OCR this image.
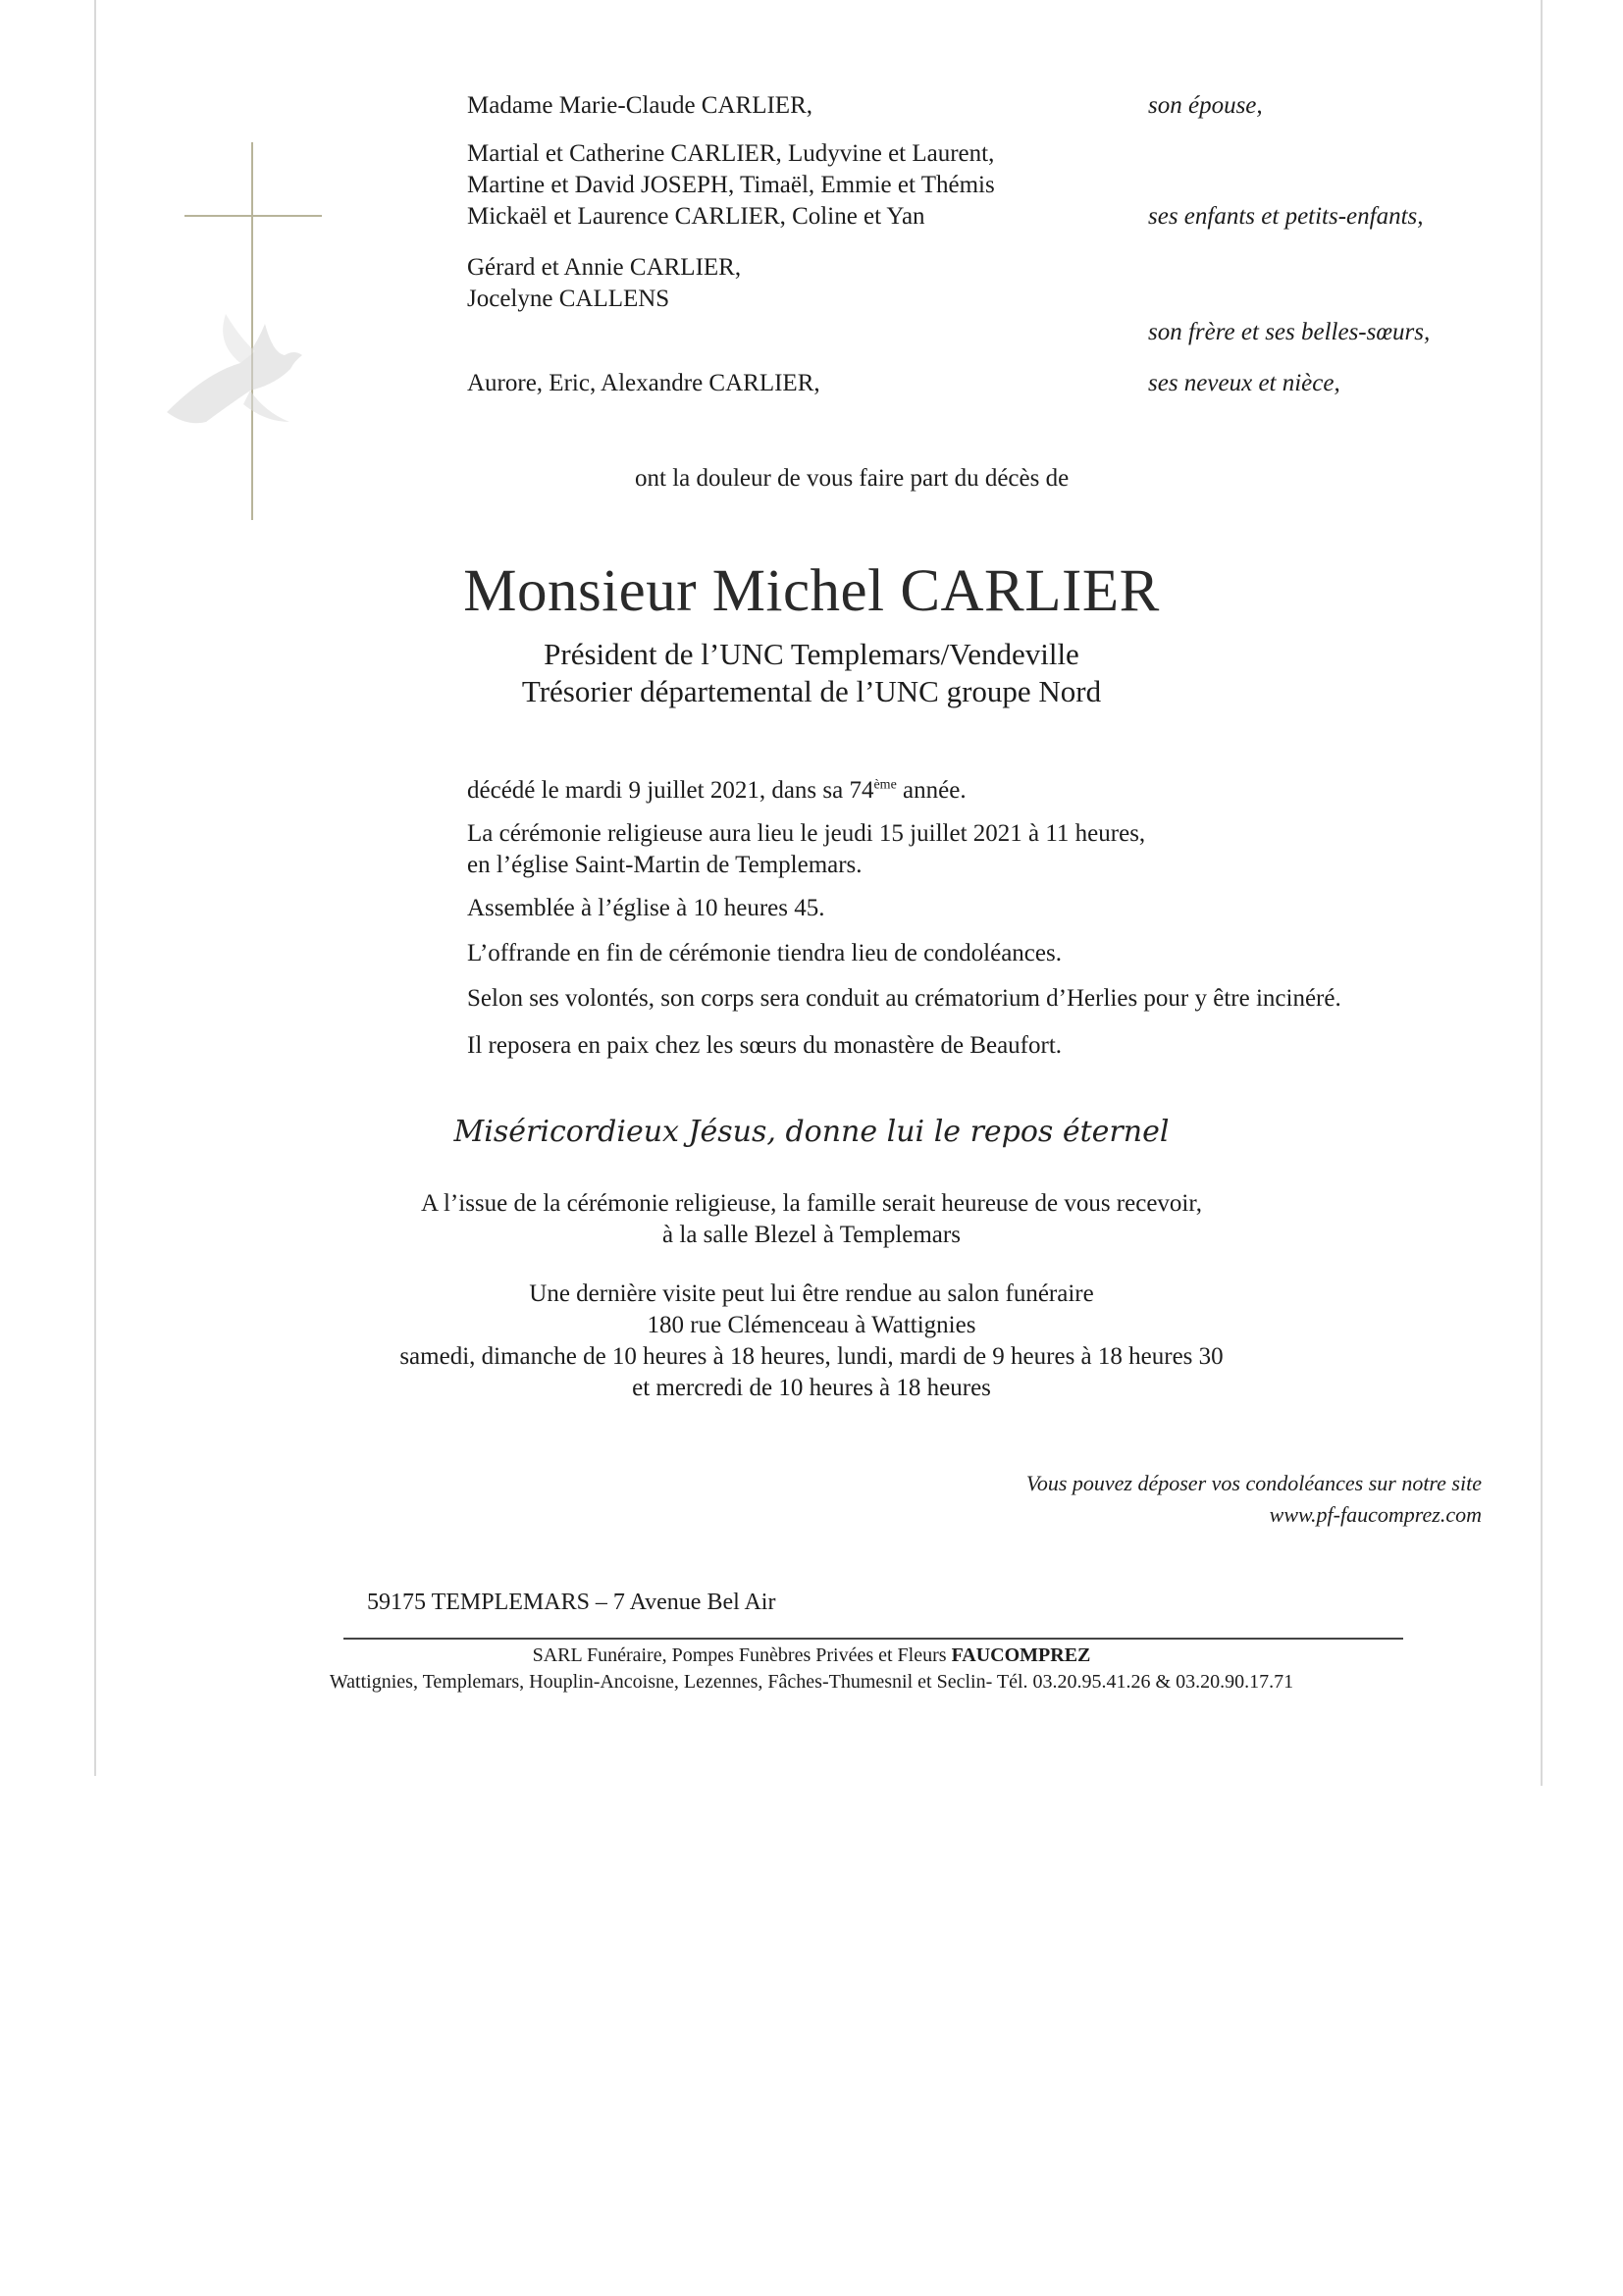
Madame Marie-Claude CARLIER,	son épouse,
Martial et Catherine CARLIER, Ludyvine et Laurent,
Martine et David JOSEPH, Timaël, Emmie et Thémis
Mickaël et Laurence CARLIER, Coline et Yan	ses enfants et petits-enfants,
Gérard et Annie CARLIER,
Jocelyne CALLENS
son frère et ses belles-sœurs,
Aurore, Eric, Alexandre CARLIER,	ses neveux et nièce,
ont la douleur de vous faire part du décès de
Monsieur Michel CARLIER
Président de l’UNC Templemars/Vendeville
Trésorier départemental de l’UNC groupe Nord
décédé le mardi 9 juillet 2021, dans sa 74ème année.
La cérémonie religieuse aura lieu le jeudi 15 juillet 2021 à 11 heures,
en l’église Saint-Martin de Templemars.
Assemblée à l’église à 10 heures 45.
L’offrande en fin de cérémonie tiendra lieu de condoléances.
Selon ses volontés, son corps sera conduit au crématorium d’Herlies pour y être incinéré.
Il reposera en paix chez les sœurs du monastère de Beaufort.
Miséricordieux Jésus, donne lui le repos éternel
A l’issue de la cérémonie religieuse, la famille serait heureuse de vous recevoir,
à la salle Blezel à Templemars
Une dernière visite peut lui être rendue au salon funéraire
180 rue Clémenceau à Wattignies
samedi, dimanche de 10 heures à 18 heures, lundi, mardi de 9 heures à 18 heures 30
et mercredi de 10 heures à 18 heures
Vous pouvez déposer vos condoléances sur notre site
www.pf-faucomprez.com
59175 TEMPLEMARS – 7 Avenue Bel Air
SARL Funéraire, Pompes Funèbres Privées et Fleurs FAUCOMPREZ
Wattignies, Templemars, Houplin-Ancoisne, Lezennes, Fâches-Thumesnil et Seclin- Tél. 03.20.95.41.26 & 03.20.90.17.71
